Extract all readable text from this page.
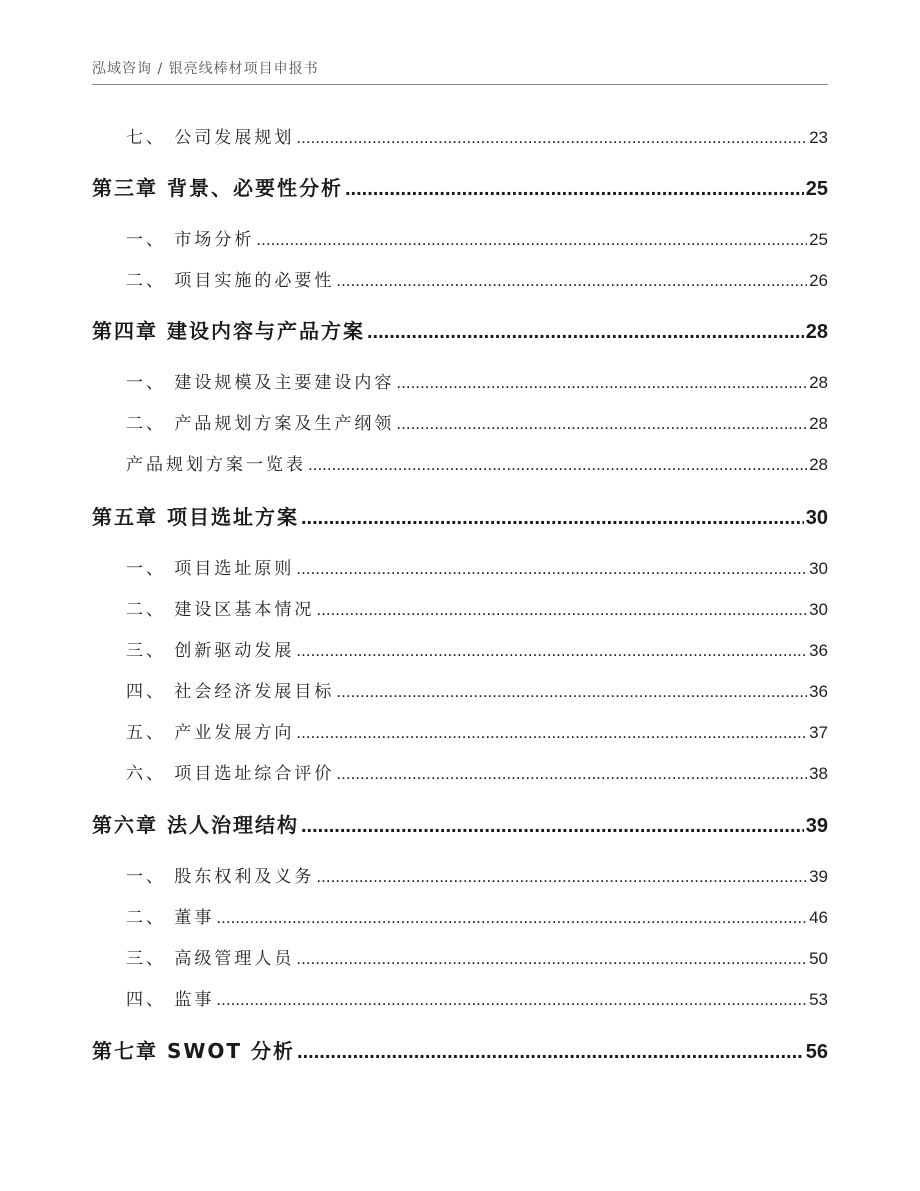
泓域咨询 / 银亮线棒材项目申报书
七、 公司发展规划 .....	23
第三章 背景、必要性分析 .....	25
一、 市场分析 .....	25
二、 项目实施的必要性 .....	26
第四章 建设内容与产品方案 .....	28
一、 建设规模及主要建设内容 .....	28
二、 产品规划方案及生产纲领 .....	28
产品规划方案一览表 .....	28
第五章 项目选址方案 .....	30
一、 项目选址原则 .....	30
二、 建设区基本情况 .....	30
三、 创新驱动发展 .....	36
四、 社会经济发展目标 .....	36
五、 产业发展方向 .....	37
六、 项目选址综合评价 .....	38
第六章 法人治理结构 .....	39
一、 股东权利及义务 .....	39
二、 董事 .....	46
三、 高级管理人员 .....	50
四、 监事 .....	53
第七章 SWOT 分析 .....	56
